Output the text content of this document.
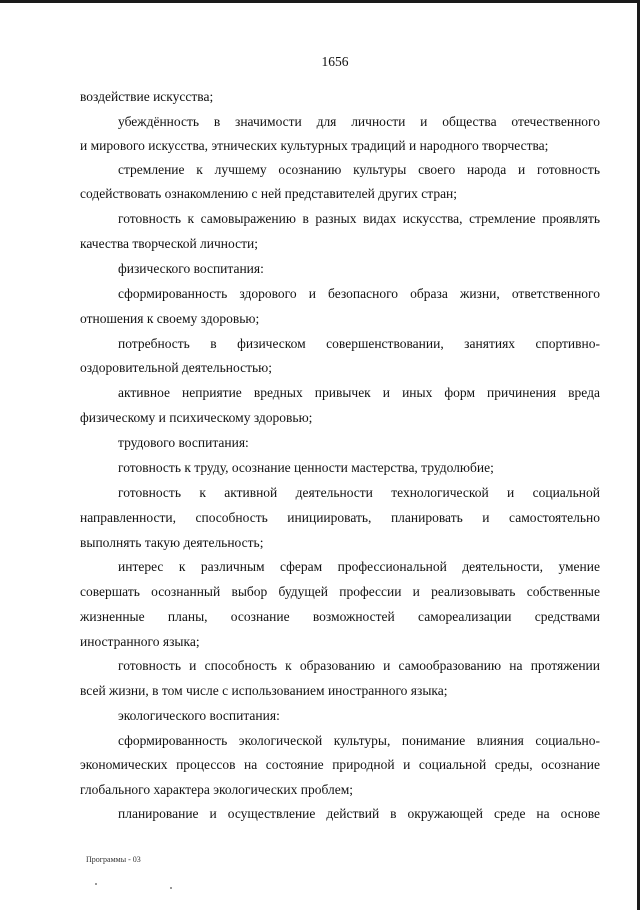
1656
воздействие искусства;
убеждённость в значимости для личности и общества отечественного
и мирового искусства, этнических культурных традиций и народного творчества;
стремление к лучшему осознанию культуры своего народа и готовность
содействовать ознакомлению с ней представителей других стран;
готовность к самовыражению в разных видах искусства, стремление проявлять
качества творческой личности;
физического воспитания:
сформированность здорового и безопасного образа жизни, ответственного
отношения к своему здоровью;
потребность в физическом совершенствовании, занятиях спортивно-
оздоровительной деятельностью;
активное неприятие вредных привычек и иных форм причинения вреда
физическому и психическому здоровью;
трудового воспитания:
готовность к труду, осознание ценности мастерства, трудолюбие;
готовность к активной деятельности технологической и социальной
направленности, способность инициировать, планировать и самостоятельно
выполнять такую деятельность;
интерес к различным сферам профессиональной деятельности, умение
совершать осознанный выбор будущей профессии и реализовывать собственные
жизненные планы, осознание возможностей самореализации средствами
иностранного языка;
готовность и способность к образованию и самообразованию на протяжении
всей жизни, в том числе с использованием иностранного языка;
экологического воспитания:
сформированность экологической культуры, понимание влияния социально-
экономических процессов на состояние природной и социальной среды, осознание
глобального характера экологических проблем;
планирование и осуществление действий в окружающей среде на основе
Программы - 03
